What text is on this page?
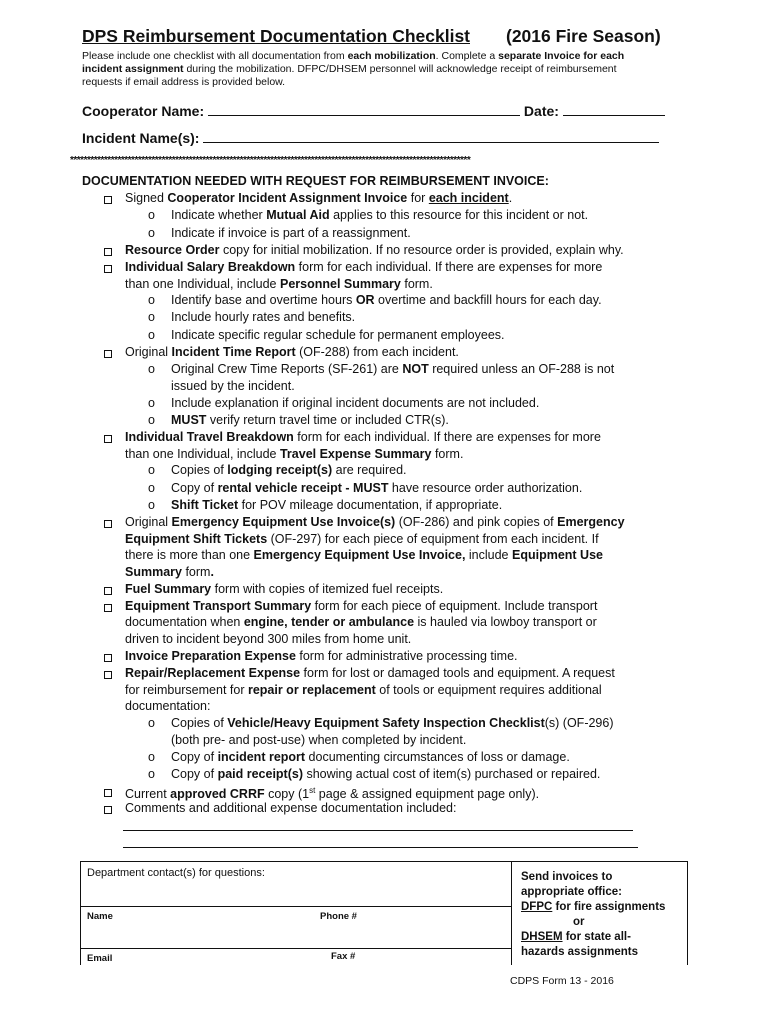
DPS Reimbursement Documentation Checklist (2016 Fire Season)
Please include one checklist with all documentation from each mobilization. Complete a separate Invoice for each
incident assignment during the mobilization. DFPC/DHSEM personnel will acknowledge receipt of reimbursement
requests if email address is provided below.
Cooperator Name:	Date:
Incident Name(s):
**********************************************************************************************************************
DOCUMENTATION NEEDED WITH REQUEST FOR REIMBURSEMENT INVOICE:
Signed Cooperator Incident Assignment Invoice for each incident.
o Indicate whether Mutual Aid applies to this resource for this incident or not.
o Indicate if invoice is part of a reassignment.
Resource Order copy for initial mobilization. If no resource order is provided, explain why.
Individual Salary Breakdown form for each individual. If there are expenses for more
than one Individual, include Personnel Summary form.
o Identify base and overtime hours OR overtime and backfill hours for each day.
o Include hourly rates and benefits.
o Indicate specific regular schedule for permanent employees.
Original Incident Time Report (OF-288) from each incident.
o Original Crew Time Reports (SF-261) are NOT required unless an OF-288 is not
issued by the incident.
o Include explanation if original incident documents are not included.
o MUST verify return travel time or included CTR(s).
Individual Travel Breakdown form for each individual. If there are expenses for more
than one Individual, include Travel Expense Summary form.
o Copies of lodging receipt(s) are required.
o Copy of rental vehicle receipt - MUST have resource order authorization.
o Shift Ticket for POV mileage documentation, if appropriate.
Original Emergency Equipment Use Invoice(s) (OF-286) and pink copies of Emergency
Equipment Shift Tickets (OF-297) for each piece of equipment from each incident. If
there is more than one Emergency Equipment Use Invoice, include Equipment Use
Summary form.
Fuel Summary form with copies of itemized fuel receipts.
Equipment Transport Summary form for each piece of equipment. Include transport
documentation when engine, tender or ambulance is hauled via lowboy transport or
driven to incident beyond 300 miles from home unit.
Invoice Preparation Expense form for administrative processing time.
Repair/Replacement Expense form for lost or damaged tools and equipment. A request
for reimbursement for repair or replacement of tools or equipment requires additional
documentation:
o Copies of Vehicle/Heavy Equipment Safety Inspection Checklist(s) (OF-296)
(both pre- and post-use) when completed by incident.
o Copy of incident report documenting circumstances of loss or damage.
o Copy of paid receipt(s) showing actual cost of item(s) purchased or repaired.
Current approved CRRF copy (1st page & assigned equipment page only).
Comments and additional expense documentation included:
Department contact(s) for questions:
Name	Phone #
Email	Fax #
Send invoices to
appropriate office:
DFPC for fire assignments
or
DHSEM for state all-
hazards assignments
CDPS Form 13 - 2016
